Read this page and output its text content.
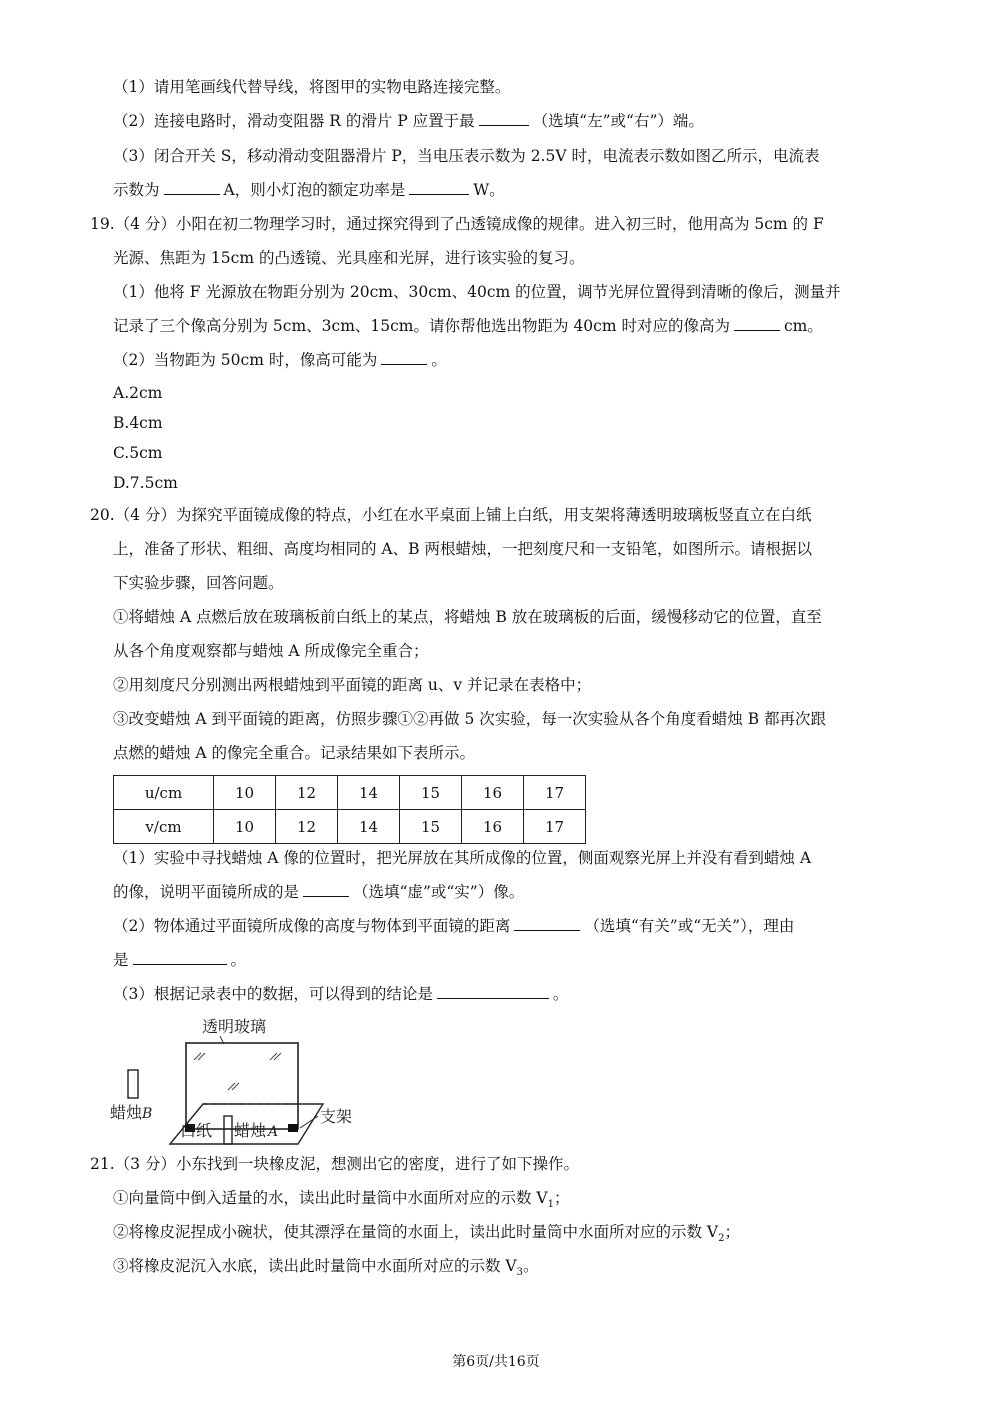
（1）请用笔画线代替导线，将图甲的实物电路连接完整。
（2）连接电路时，滑动变阻器 R 的滑片 P 应置于最	（选填“左”或“右”）端。
（3）闭合开关 S，移动滑动变阻器滑片 P，当电压表示数为 2.5V 时，电流表示数如图乙所示，电流表
示数为	A，则小灯泡的额定功率是	W。
19.（4 分）小阳在初二物理学习时，通过探究得到了凸透镜成像的规律。进入初三时，他用高为 5cm 的 F
光源、焦距为 15cm 的凸透镜、光具座和光屏，进行该实验的复习。
（1）他将 F 光源放在物距分别为 20cm、30cm、40cm 的位置，调节光屏位置得到清晰的像后，测量并
记录了三个像高分别为 5cm、3cm、15cm。请你帮他选出物距为 40cm 时对应的像高为	cm。
（2）当物距为 50cm 时，像高可能为	。
A.2cm
B.4cm
C.5cm
D.7.5cm
20.（4 分）为探究平面镜成像的特点，小红在水平桌面上铺上白纸，用支架将薄透明玻璃板竖直立在白纸
上，准备了形状、粗细、高度均相同的 A、B 两根蜡烛，一把刻度尺和一支铅笔，如图所示。请根据以
下实验步骤，回答问题。
①将蜡烛 A 点燃后放在玻璃板前白纸上的某点，将蜡烛 B 放在玻璃板的后面，缓慢移动它的位置，直至
从各个角度观察都与蜡烛 A 所成像完全重合；
②用刻度尺分别测出两根蜡烛到平面镜的距离 u、v 并记录在表格中；
③改变蜡烛 A 到平面镜的距离，仿照步骤①②再做 5 次实验，每一次实验从各个角度看蜡烛 B 都再次跟
点燃的蜡烛 A 的像完全重合。记录结果如下表所示。
u/cm	10	12	14	15	16	17
v/cm	10	12	14	15	16	17
（1）实验中寻找蜡烛 A 像的位置时，把光屏放在其所成像的位置，侧面观察光屏上并没有看到蜡烛 A
的像，说明平面镜所成的是	（选填“虚”或“实”）像。
（2）物体通过平面镜所成像的高度与物体到平面镜的距离	（选填“有关”或“无关”），理由
是	。
（3）根据记录表中的数据，可以得到的结论是	。
透明玻璃
蜡烛 B
白纸 蜡烛 A
支架
21.（3 分）小东找到一块橡皮泥，想测出它的密度，进行了如下操作。
①向量筒中倒入适量的水，读出此时量筒中水面所对应的示数 $V_1$；
②将橡皮泥捏成小碗状，使其漂浮在量筒的水面上，读出此时量筒中水面所对应的示数 $V_2$；
③将橡皮泥沉入水底，读出此时量筒中水面所对应的示数 $V_3$。
第6页/共16页
